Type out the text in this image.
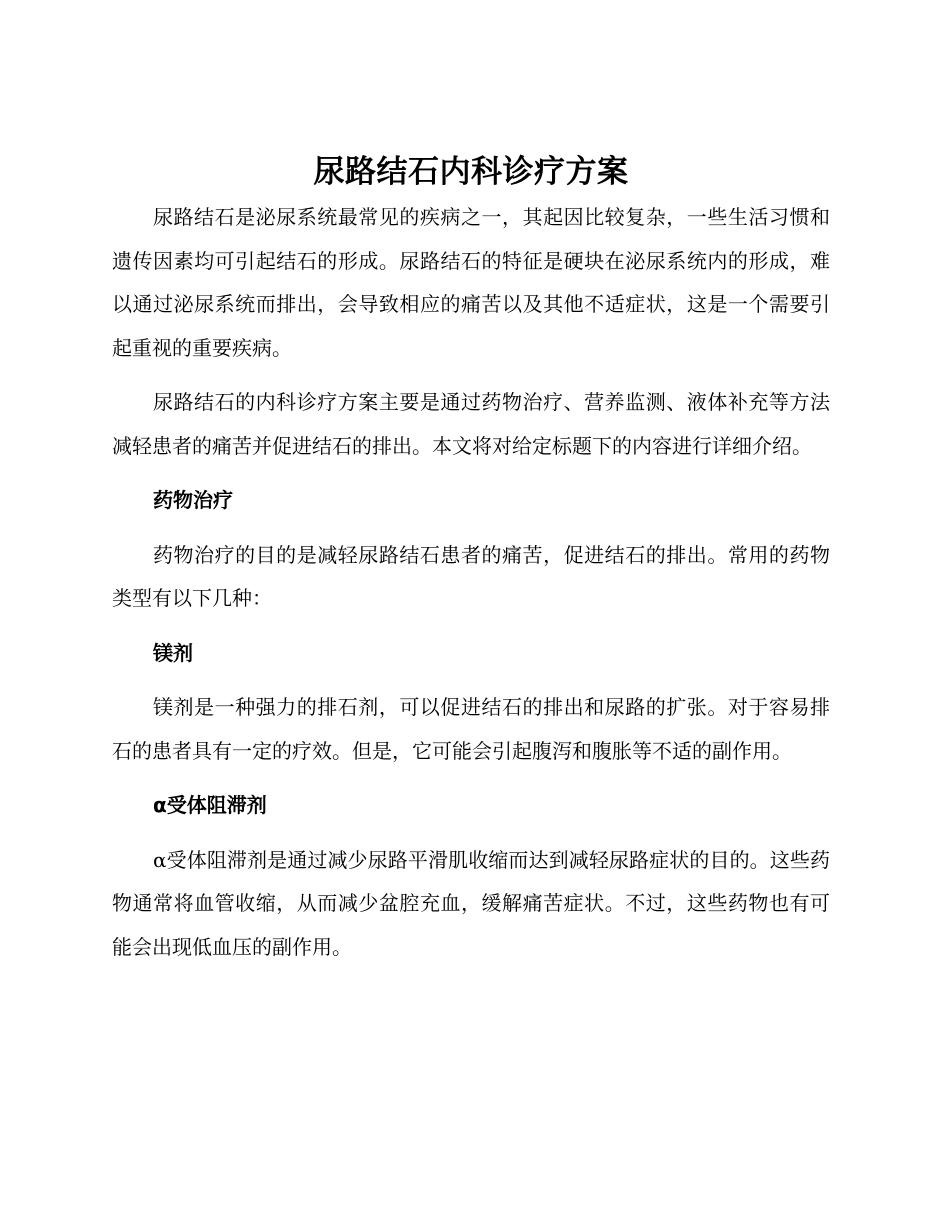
尿路结石内科诊疗方案

尿路结石是泌尿系统最常见的疾病之一，其起因比较复杂，一些生活习惯和遗传因素均可引起结石的形成。尿路结石的特征是硬块在泌尿系统内的形成，难以通过泌尿系统而排出，会导致相应的痛苦以及其他不适症状，这是一个需要引起重视的重要疾病。

尿路结石的内科诊疗方案主要是通过药物治疗、营养监测、液体补充等方法减轻患者的痛苦并促进结石的排出。本文将对给定标题下的内容进行详细介绍。

药物治疗

药物治疗的目的是减轻尿路结石患者的痛苦，促进结石的排出。常用的药物类型有以下几种：

镁剂

镁剂是一种强力的排石剂，可以促进结石的排出和尿路的扩张。对于容易排石的患者具有一定的疗效。但是，它可能会引起腹泻和腹胀等不适的副作用。

α受体阻滞剂

α受体阻滞剂是通过减少尿路平滑肌收缩而达到减轻尿路症状的目的。这些药物通常将血管收缩，从而减少盆腔充血，缓解痛苦症状。不过，这些药物也有可能会出现低血压的副作用。
